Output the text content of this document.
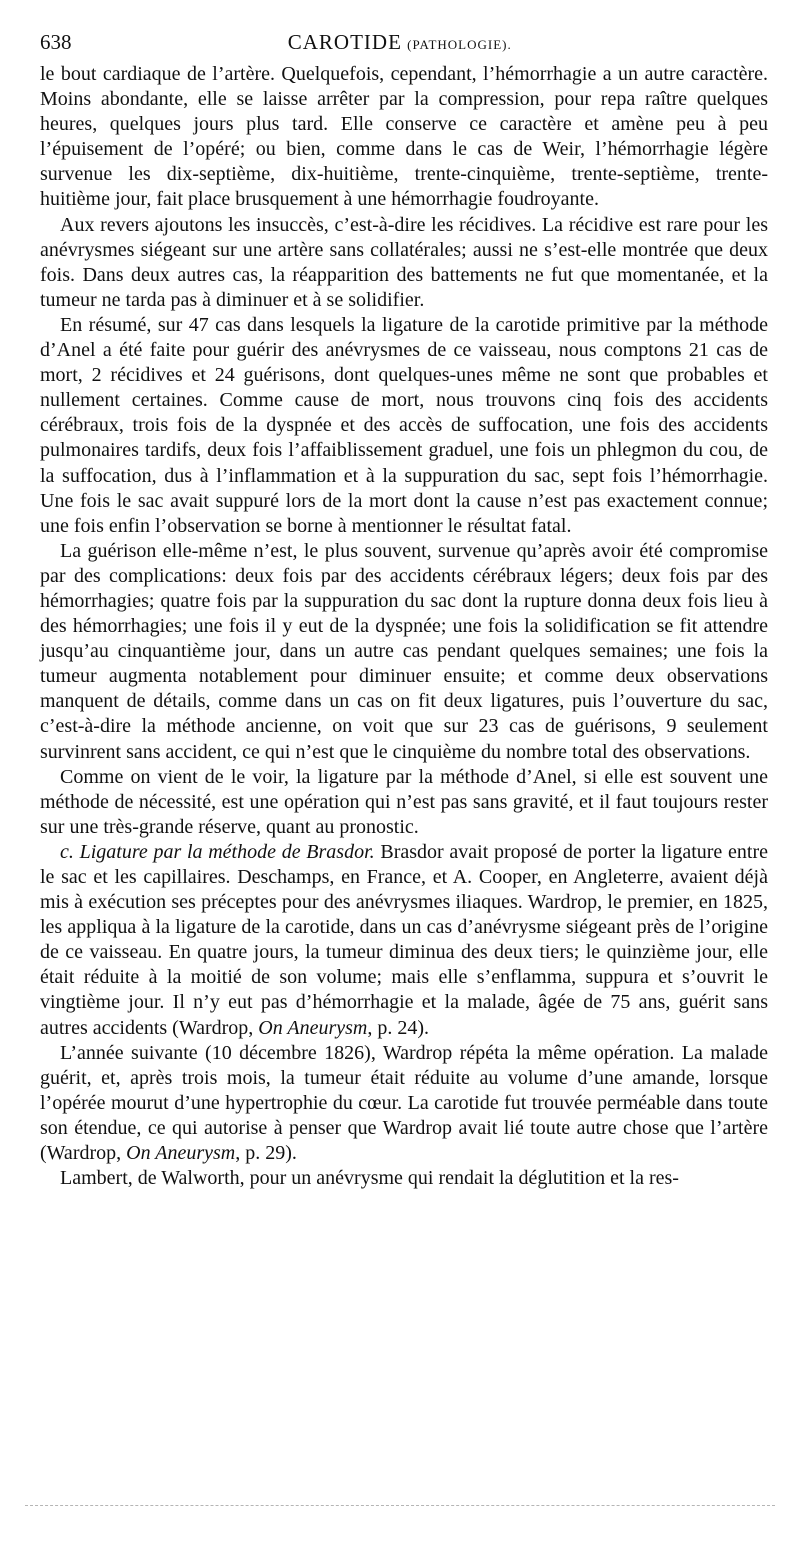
638	CAROTIDE (PATHOLOGIE).

le bout cardiaque de l’artère. Quelquefois, cependant, l’hémorrhagie a un autre caractère. Moins abondante, elle se laisse arrêter par la compression, pour repa raître quelques heures, quelques jours plus tard. Elle conserve ce caractère et amène peu à peu l’épuisement de l’opéré; ou bien, comme dans le cas de Weir, l’hémorrhagie légère survenue les dix-septième, dix-huitième, trente-cinquième, trente-septième, trente-huitième jour, fait place brusquement à une hémorrhagie foudroyante.

Aux revers ajoutons les insuccès, c’est-à-dire les récidives. La récidive est rare pour les anévrysmes siégeant sur une artère sans collatérales; aussi ne s’est-elle montrée que deux fois. Dans deux autres cas, la réapparition des battements ne fut que momentanée, et la tumeur ne tarda pas à diminuer et à se solidifier.

En résumé, sur 47 cas dans lesquels la ligature de la carotide primitive par la méthode d’Anel a été faite pour guérir des anévrysmes de ce vaisseau, nous comptons 21 cas de mort, 2 récidives et 24 guérisons, dont quelques-unes même ne sont que probables et nullement certaines. Comme cause de mort, nous trouvons cinq fois des accidents cérébraux, trois fois de la dyspnée et des accès de suffocation, une fois des accidents pulmonaires tardifs, deux fois l’affaiblissement graduel, une fois un phlegmon du cou, de la suffocation, dus à l’inflammation et à la suppuration du sac, sept fois l’hémorrhagie. Une fois le sac avait suppuré lors de la mort dont la cause n’est pas exactement connue; une fois enfin l’observation se borne à mentionner le résultat fatal.

La guérison elle-même n’est, le plus souvent, survenue qu’après avoir été compromise par des complications: deux fois par des accidents cérébraux légers; deux fois par des hémorrhagies; quatre fois par la suppuration du sac dont la rupture donna deux fois lieu à des hémorrhagies; une fois il y eut de la dyspnée; une fois la solidification se fit attendre jusqu’au cinquantième jour, dans un autre cas pendant quelques semaines; une fois la tumeur augmenta notablement pour diminuer ensuite; et comme deux observations manquent de détails, comme dans un cas on fit deux ligatures, puis l’ouverture du sac, c’est-à-dire la méthode ancienne, on voit que sur 23 cas de guérisons, 9 seulement survinrent sans accident, ce qui n’est que le cinquième du nombre total des observations.

Comme on vient de le voir, la ligature par la méthode d’Anel, si elle est souvent une méthode de nécessité, est une opération qui n’est pas sans gravité, et il faut toujours rester sur une très-grande réserve, quant au pronostic.

c. Ligature par la méthode de Brasdor. Brasdor avait proposé de porter la ligature entre le sac et les capillaires. Deschamps, en France, et A. Cooper, en Angleterre, avaient déjà mis à exécution ses préceptes pour des anévrysmes iliaques. Wardrop, le premier, en 1825, les appliqua à la ligature de la carotide, dans un cas d’anévrysme siégeant près de l’origine de ce vaisseau. En quatre jours, la tumeur diminua des deux tiers; le quinzième jour, elle était réduite à la moitié de son volume; mais elle s’enflamma, suppura et s’ouvrit le vingtième jour. Il n’y eut pas d’hémorrhagie et la malade, âgée de 75 ans, guérit sans autres accidents (Wardrop, On Aneurysm, p. 24).

L’année suivante (10 décembre 1826), Wardrop répéta la même opération. La malade guérit, et, après trois mois, la tumeur était réduite au volume d’une amande, lorsque l’opérée mourut d’une hypertrophie du cœur. La carotide fut trouvée perméable dans toute son étendue, ce qui autorise à penser que Wardrop avait lié toute autre chose que l’artère (Wardrop, On Aneurysm, p. 29).

Lambert, de Walworth, pour un anévrysme qui rendait la déglutition et la res-
